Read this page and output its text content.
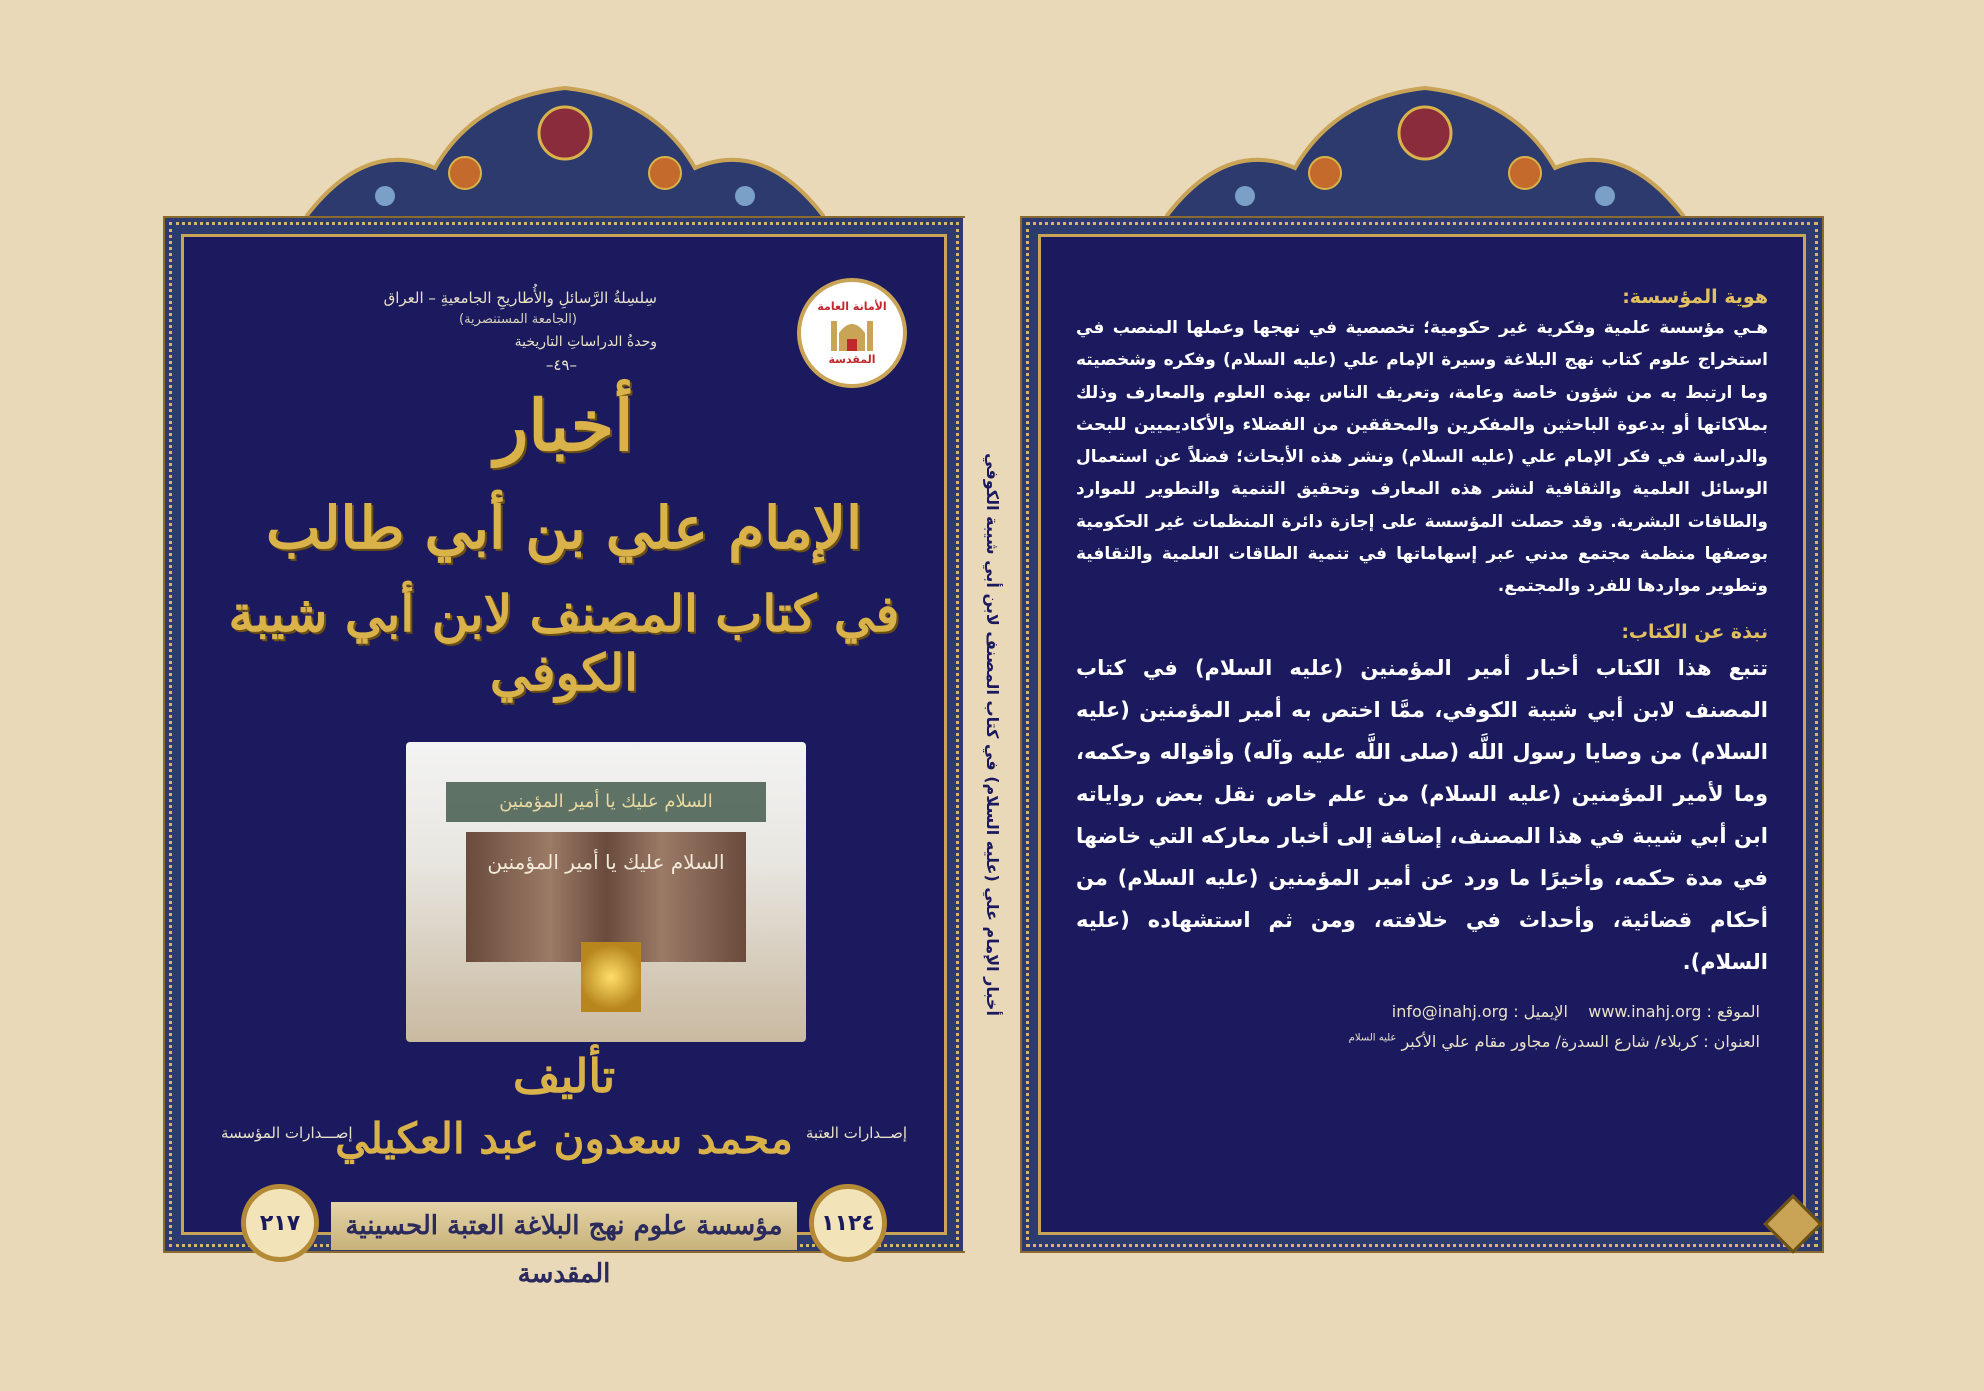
سِلسِلةُ الرَّسائلِ والأُطاريحِ الجامعيةِ – العراق
(الجامعة المستنصرية)
وحدةُ الدراساتِ التاريخية
–٤٩–
الأمانة العامة
المقدسة
أخبار
الإمام علي بن أبي طالب
في كتاب المصنف لابن أبي شيبة الكوفي
السلام عليك يا أمير المؤمنين
السلام عليك يا أمير المؤمنين
تأليف
محمد سعدون عبد العكيلي
إصـــدارات المؤسسة	إصــدارات العتبة
مؤسسة علوم نهج البلاغة العتبة الحسينية المقدسة
٢١٧	١١٢٤
أخبار الإمام علي (عليه السلام) في كتاب المصنف لابن أبي شيبة الكوفي
هوية المؤسسة:

هـي مؤسسة علمية وفكرية غير حكومية؛ تخصصية في نهجها وعملها المنصب في استخراج علوم كتاب نهج البلاغة وسيرة الإمام علي (عليه السلام) وفكره وشخصيته وما ارتبط به من شؤون خاصة وعامة، وتعريف الناس بهذه العلوم والمعارف وذلك بملاكاتها أو بدعوة الباحثين والمفكرين والمحققين من الفضلاء والأكاديميين للبحث والدراسة في فكر الإمام علي (عليه السلام) ونشر هذه الأبحاث؛ فضلاً عن استعمال الوسائل العلمية والثقافية لنشر هذه المعارف وتحقيق التنمية والتطوير للموارد والطاقات البشرية. وقد حصلت المؤسسة على إجازة دائرة المنظمات غير الحكومية بوصفها منظمة مجتمع مدني عبر إسهاماتها في تنمية الطاقات العلمية والثقافية وتطوير مواردها للفرد والمجتمع.

نبذة عن الكتاب:

تتبع هذا الكتاب أخبار أمير المؤمنين (عليه السلام) في كتاب المصنف لابن أبي شيبة الكوفي، ممَّا اختص به أمير المؤمنين (عليه السلام) من وصايا رسول اللَّه (صلى اللَّه عليه وآله) وأقواله وحكمه، وما لأمير المؤمنين (عليه السلام) من علم خاص نقل بعض رواياته ابن أبي شيبة في هذا المصنف، إضافة إلى أخبار معاركه التي خاضها في مدة حكمه، وأخيرًا ما ورد عن أمير المؤمنين (عليه السلام) من أحكام قضائية، وأحداث في خلافته، ومن ثم استشهاده (عليه السلام).

الموقع : www.inahj.org    الإيميل : info@inahj.org
العنوان : كربلاء/ شارع السدرة/ مجاور مقام علي الأكبر $^{عليه السلام}$
